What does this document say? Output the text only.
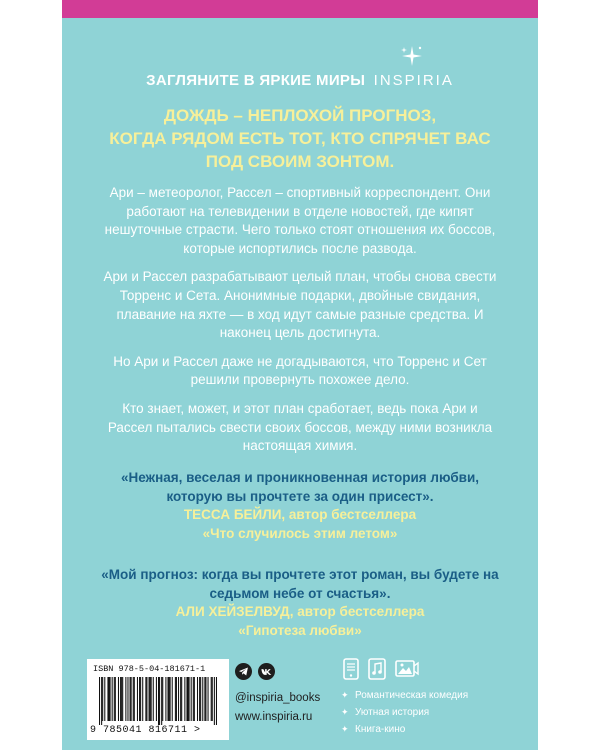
ЗАГЛЯНИТЕ В ЯРКИЕ МИРЫ INSPIRIA
ДОЖДЬ – НЕПЛОХОЙ ПРОГНОЗ,
КОГДА РЯДОМ ЕСТЬ ТОТ, КТО СПРЯЧЕТ ВАС
ПОД СВОИМ ЗОНТОМ.

Ари – метеоролог, Рассел – спортивный корреспондент. Они работают на телевидении в отделе новостей, где кипят нешуточные страсти. Чего только стоят отношения их боссов, которые испортились после развода.

Ари и Рассел разрабатывают целый план, чтобы снова свести Торренс и Сета. Анонимные подарки, двойные свидания, плавание на яхте — в ход идут самые разные средства. И наконец цель достигнута.

Но Ари и Рассел даже не догадываются, что Торренс и Сет решили провернуть похожее дело.

Кто знает, может, и этот план сработает, ведь пока Ари и Рассел пытались свести своих боссов, между ними возникла настоящая химия.

«Нежная, веселая и проникновенная история любви, которую вы прочтете за один присест».
ТЕССА БЕЙЛИ, автор бестселлера
«Что случилось этим летом»
«Мой прогноз: когда вы прочтете этот роман, вы будете на седьмом небе от счастья».
АЛИ ХЕЙЗЕЛВУД, автор бестселлера
«Гипотеза любви»
ISBN 978-5-04-181671-1
9 785041 816711 >
@inspiria_books
www.inspiria.ru
✦ Романтическая комедия
✦ Уютная история
✦ Книга-кино
